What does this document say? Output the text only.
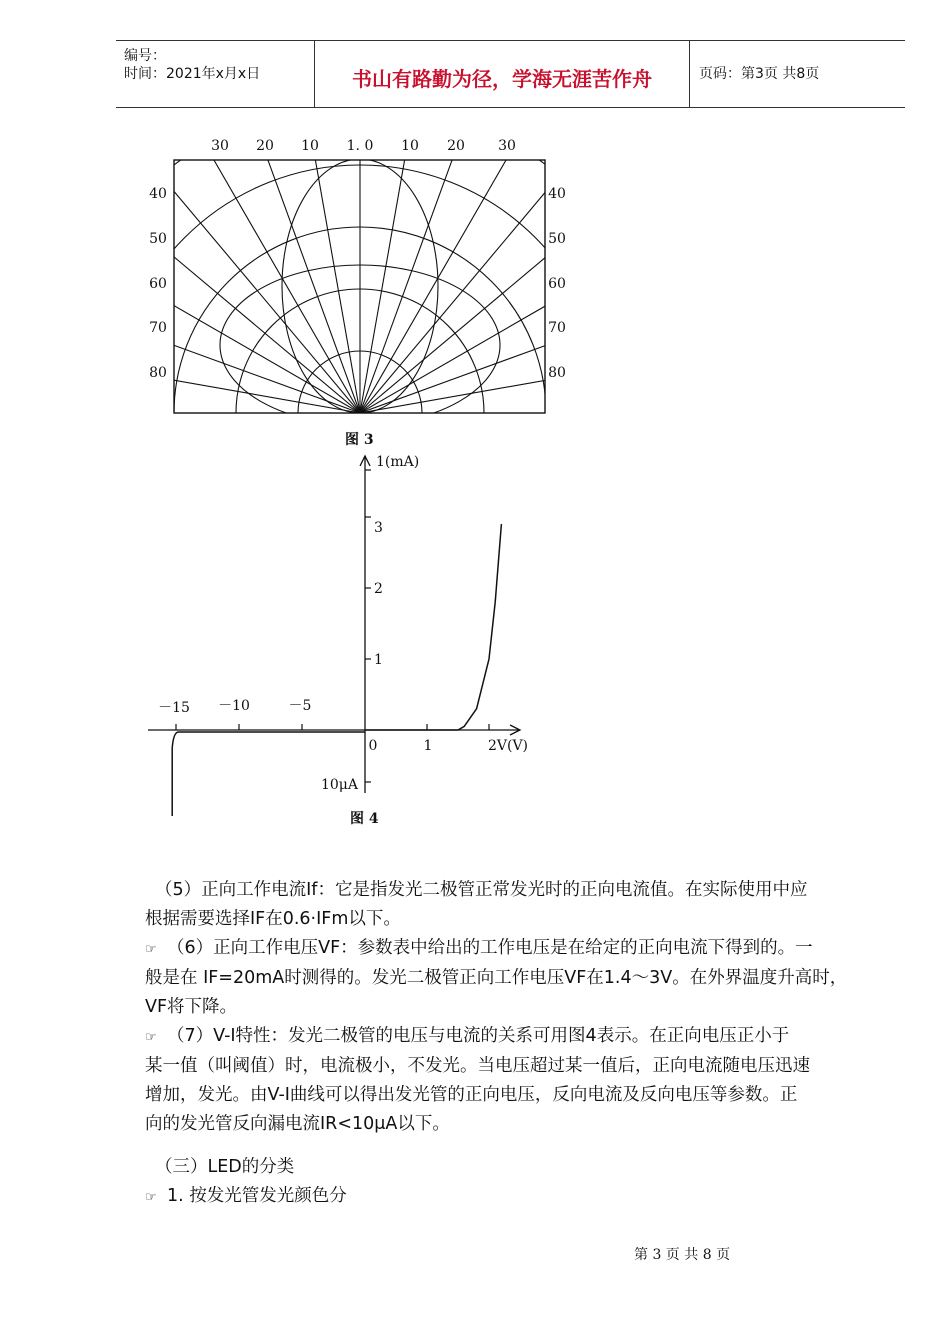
编号：
时间：2021年x月x日	书山有路勤为径，学海无涯苦作舟	页码：第3页 共8页
30 20 10 1. 0 10 20 30
40
50
60
70
80
40
50
60
70
80
图 3
1(mA)
3
2
1
－15 －10	－5
0	1	2V(V)
10μA
图 4

（5）正向工作电流If：它是指发光二极管正常发光时的正向电流值。在实际使用中应

根据需要选择IF在0.6·IFm以下。

☞ （6）正向工作电压VF：参数表中给出的工作电压是在给定的正向电流下得到的。一

般是在 IF=20mA时测得的。发光二极管正向工作电压VF在1.4～3V。在外界温度升高时，

VF将下降。

☞ （7）V-I特性：发光二极管的电压与电流的关系可用图4表示。在正向电压正小于

某一值（叫阈值）时，电流极小，不发光。当电压超过某一值后，正向电流随电压迅速

增加，发光。由V-I曲线可以得出发光管的正向电压，反向电流及反向电压等参数。正

向的发光管反向漏电流IR<10μA以下。

（三）LED的分类

☞ 1. 按发光管发光颜色分

第 3 页 共 8 页
